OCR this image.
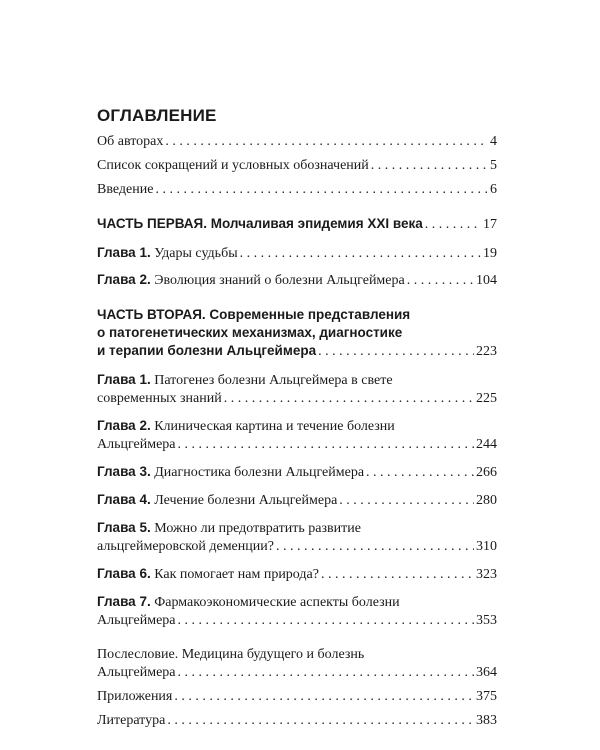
ОГЛАВЛЕНИЕ
Об авторах . . .	4
Список сокращений и условных обозначений . . .	5
Введение . . .	6
ЧАСТЬ ПЕРВАЯ. Молчаливая эпидемия XXI века . . .	17
Глава 1. Удары судьбы . . .	19
Глава 2. Эволюция знаний о болезни Альцгеймера . . .	104
ЧАСТЬ ВТОРАЯ. Современные представления
о патогенетических механизмах, диагностике
и терапии болезни Альцгеймера . . .	223
Глава 1. Патогенез болезни Альцгеймера в свете
современных знаний . . .	225
Глава 2. Клиническая картина и течение болезни
Альцгеймера . . .	244
Глава 3. Диагностика болезни Альцгеймера . . .	266
Глава 4. Лечение болезни Альцгеймера . . .	280
Глава 5. Можно ли предотвратить развитие
альцгеймеровской деменции? . . .	310
Глава 6. Как помогает нам природа? . . .	323
Глава 7. Фармакоэкономические аспекты болезни
Альцгеймера . . .	353
Послесловие. Медицина будущего и болезнь
Альцгеймера . . .	364
Приложения . . .	375
Литература . . .	383
